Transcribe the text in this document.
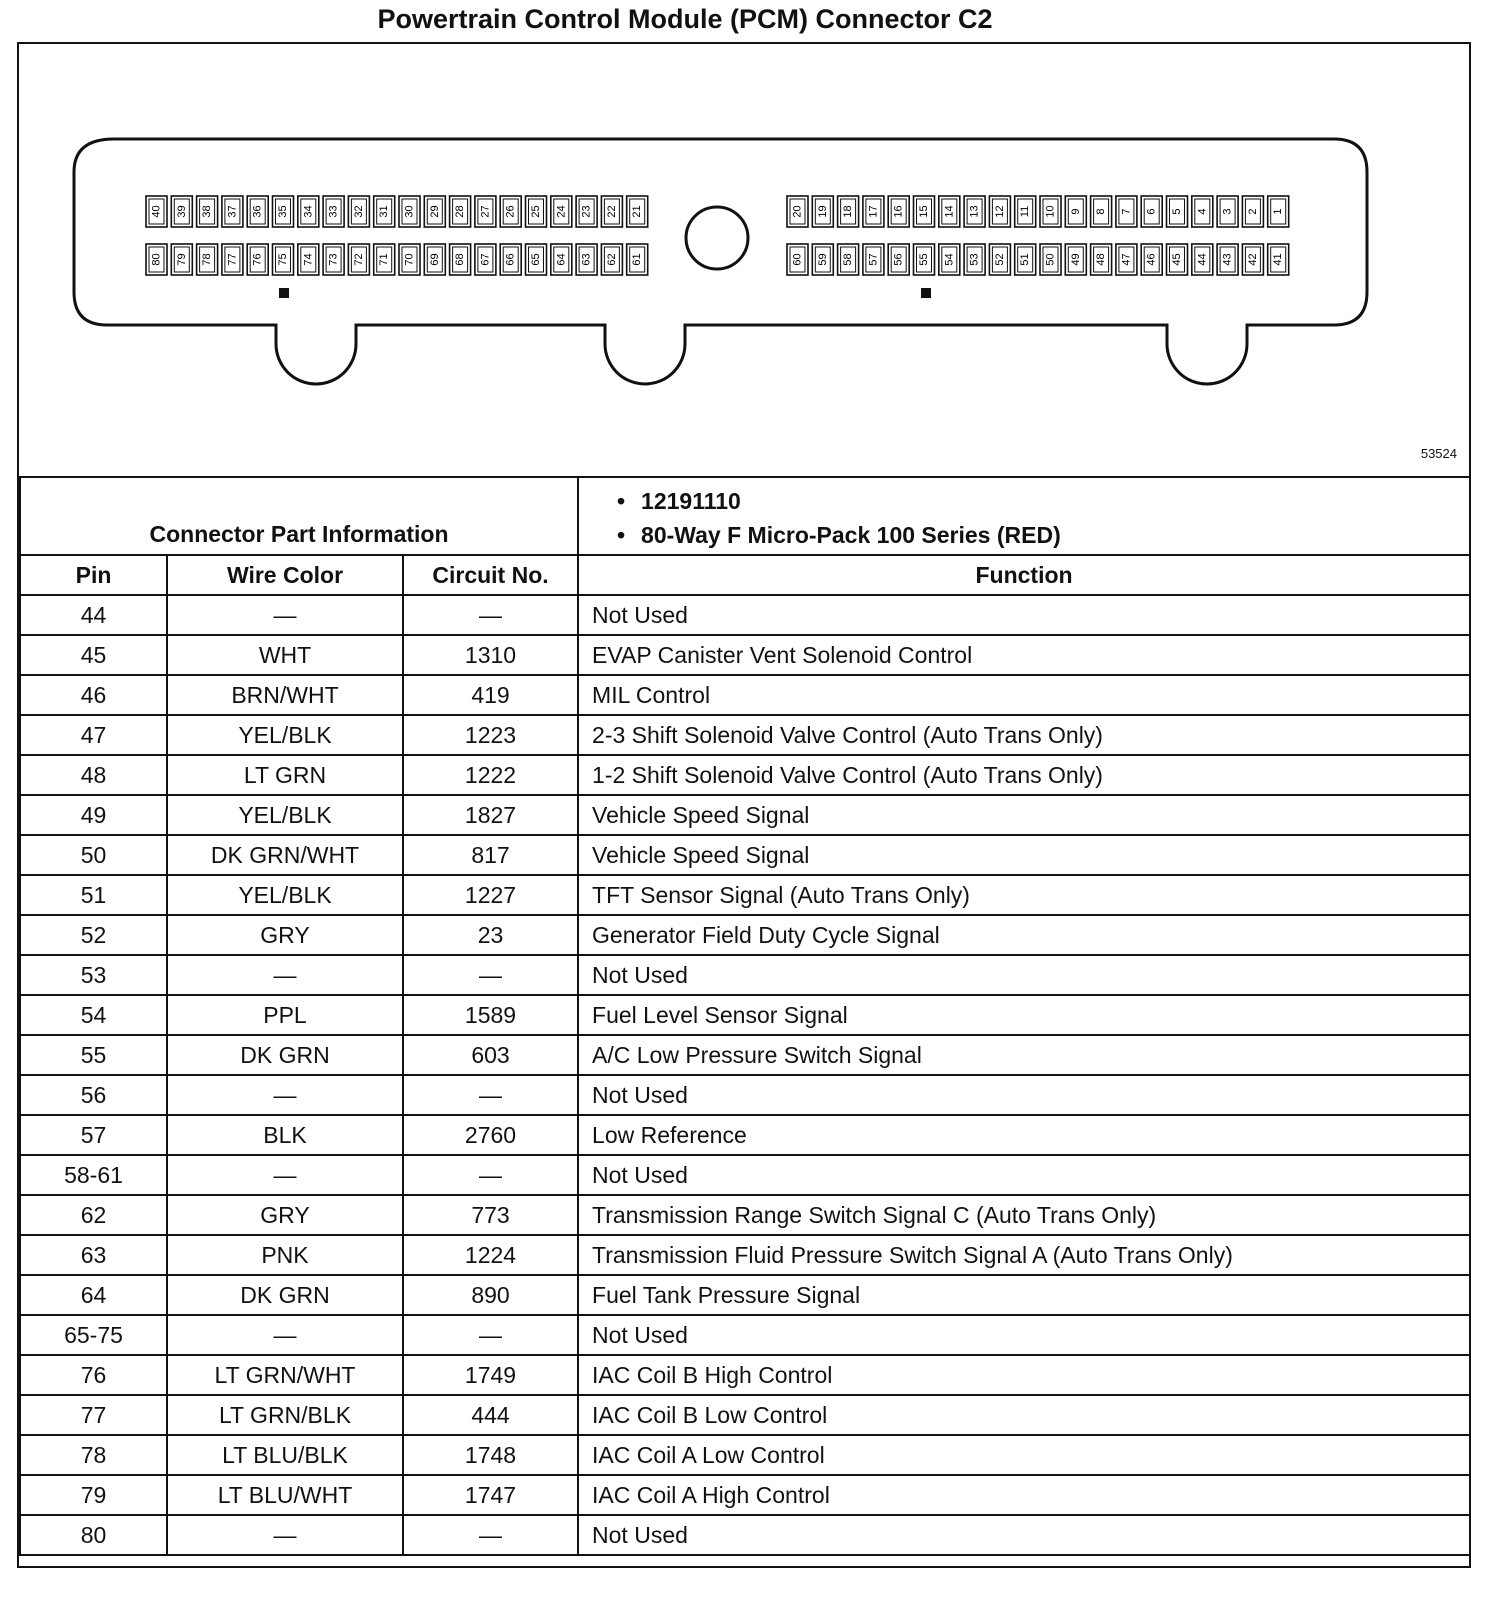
Powertrain Control Module (PCM) Connector C2
40 39 38 37 36 35 34 33 32 31 30 29 28 27 26 25 24 23 22 21
80 79 78 77 76 75 74 73 72 71 70 69 68 67 66 65 64 63 62 61
20 19 18 17 16 15 14 13 12 11 10 9 8 7 6 5 4 3 2 1
60 59 58 57 56 55 54 53 52 51 50 49 48 47 46 45 44 43 42 41
53524
Connector Part Information			• 12191110
• 80-Way F Micro-Pack 100 Series (RED)

Pin	Wire Color	Circuit No.	Function
44	—	—	Not Used
45	WHT	1310	EVAP Canister Vent Solenoid Control
46	BRN/WHT	419	MIL Control
47	YEL/BLK	1223	2-3 Shift Solenoid Valve Control (Auto Trans Only)
48	LT GRN	1222	1-2 Shift Solenoid Valve Control (Auto Trans Only)
49	YEL/BLK	1827	Vehicle Speed Signal
50	DK GRN/WHT	817	Vehicle Speed Signal
51	YEL/BLK	1227	TFT Sensor Signal (Auto Trans Only)
52	GRY	23	Generator Field Duty Cycle Signal
53	—	—	Not Used
54	PPL	1589	Fuel Level Sensor Signal
55	DK GRN	603	A/C Low Pressure Switch Signal
56	—	—	Not Used
57	BLK	2760	Low Reference
58-61	—	—	Not Used
62	GRY	773	Transmission Range Switch Signal C (Auto Trans Only)
63	PNK	1224	Transmission Fluid Pressure Switch Signal A (Auto Trans Only)
64	DK GRN	890	Fuel Tank Pressure Signal
65-75	—	—	Not Used
76	LT GRN/WHT	1749	IAC Coil B High Control
77	LT GRN/BLK	444	IAC Coil B Low Control
78	LT BLU/BLK	1748	IAC Coil A Low Control
79	LT BLU/WHT	1747	IAC Coil A High Control
80	—	—	Not Used
